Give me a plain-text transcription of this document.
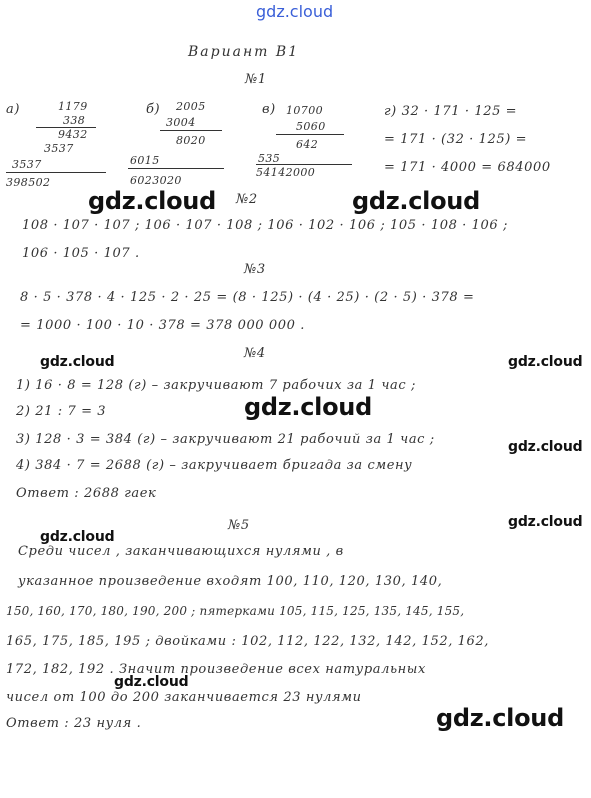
gdz.cloud
Вариант В1
№1
а)	1179
338
9432
3537
3537
398502
б) 2005
3004
8020
6015
6023020
в) 10700
5060
642
535
54142000
г) 32 · 171 · 125 =
= 171 · (32 · 125) =
= 171 · 4000 = 684000
№2
108 · 107 · 107 ; 106 · 107 · 108 ; 106 · 102 · 106 ; 105 · 108 · 106 ;
106 · 105 · 107 .
№3
8 · 5 · 378 · 4 · 125 · 2 · 25 = (8 · 125) · (4 · 25) · (2 · 5) · 378 =
= 1000 · 100 · 10 · 378 = 378 000 000 .
№4
1) 16 · 8 = 128 (г) – закручивают 7 рабочих за 1 час ;
2) 21 : 7 = 3
3) 128 · 3 = 384 (г) – закручивают 21 рабочий за 1 час ;
4) 384 · 7 = 2688 (г) – закручивает бригада за смену
Ответ : 2688 гаек
№5
Среди чисел , заканчивающихся нулями , в
указанное произведение входят 100, 110, 120, 130, 140,
150, 160, 170, 180, 190, 200 ; пятерками 105, 115, 125, 135, 145, 155,
165, 175, 185, 195 ; двойками : 102, 112, 122, 132, 142, 152, 162,
172, 182, 192 . Значит произведение всех натуральных
чисел от 100 до 200 заканчивается 23 нулями
Ответ : 23 нуля .
gdz.cloud	gdz.cloud
gdz.cloud	gdz.cloud
gdz.cloud
gdz.cloud
gdz.cloud
gdz.cloud
gdz.cloud
gdz.cloud
